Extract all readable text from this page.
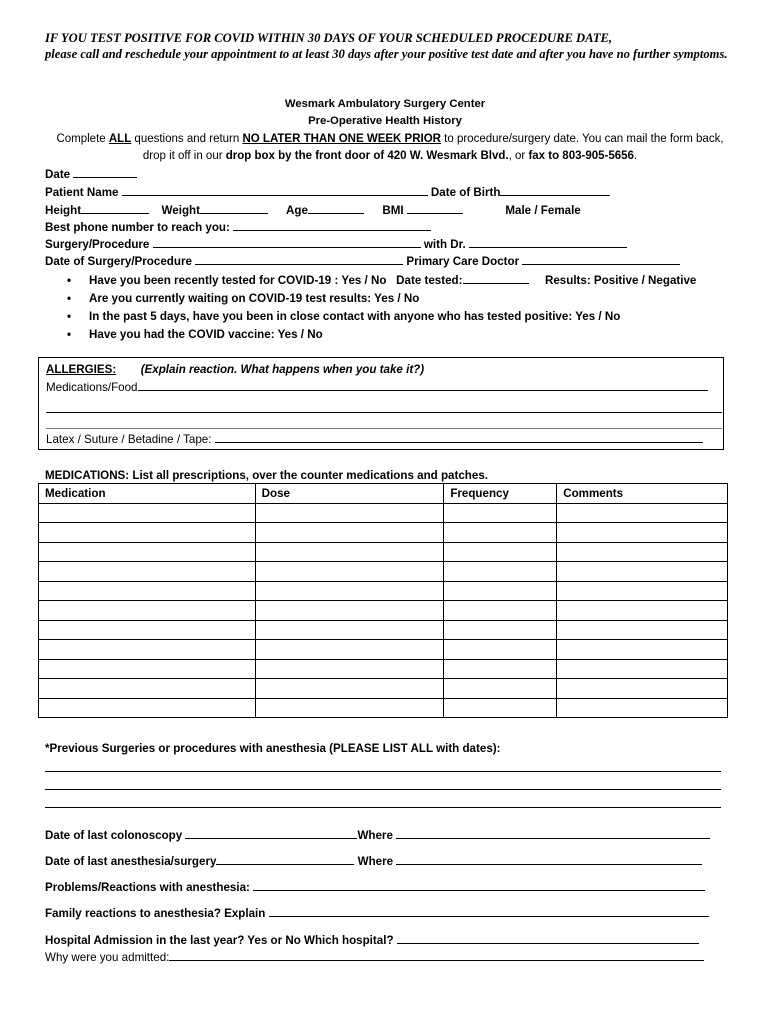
IF YOU TEST POSITIVE FOR COVID WITHIN 30 DAYS OF YOUR SCHEDULED PROCEDURE DATE,
please call and reschedule your appointment to at least 30 days after your positive test date and after you have no further symptoms.
Wesmark Ambulatory Surgery Center
Pre-Operative Health History
Complete ALL questions and return NO LATER THAN ONE WEEK PRIOR to procedure/surgery date. You can mail the form back, drop it off in our drop box by the front door of 420 W. Wesmark Blvd., or fax to 803-905-5656.
Date
Patient Name	Date of Birth
Height	Weight	Age	BMI	Male / Female
Best phone number to reach you:
Surgery/Procedure	with Dr.
Date of Surgery/Procedure	Primary Care Doctor
• Have you been recently tested for COVID-19 : Yes / No Date tested:	Results: Positive / Negative
• Are you currently waiting on COVID-19 test results: Yes / No
• In the past 5 days, have you been in close contact with anyone who has tested positive: Yes / No
• Have you had the COVID vaccine: Yes / No
ALLERGIES: (Explain reaction. What happens when you take it?)
Medications/Food
Latex / Suture / Betadine / Tape:
MEDICATIONS: List all prescriptions, over the counter medications and patches.
Medication	Dose	Frequency	Comments

*Previous Surgeries or procedures with anesthesia (PLEASE LIST ALL with dates):
Date of last colonoscopy	Where
Date of last anesthesia/surgery	Where
Problems/Reactions with anesthesia:
Family reactions to anesthesia? Explain
Hospital Admission in the last year? Yes or No Which hospital?
Why were you admitted:
